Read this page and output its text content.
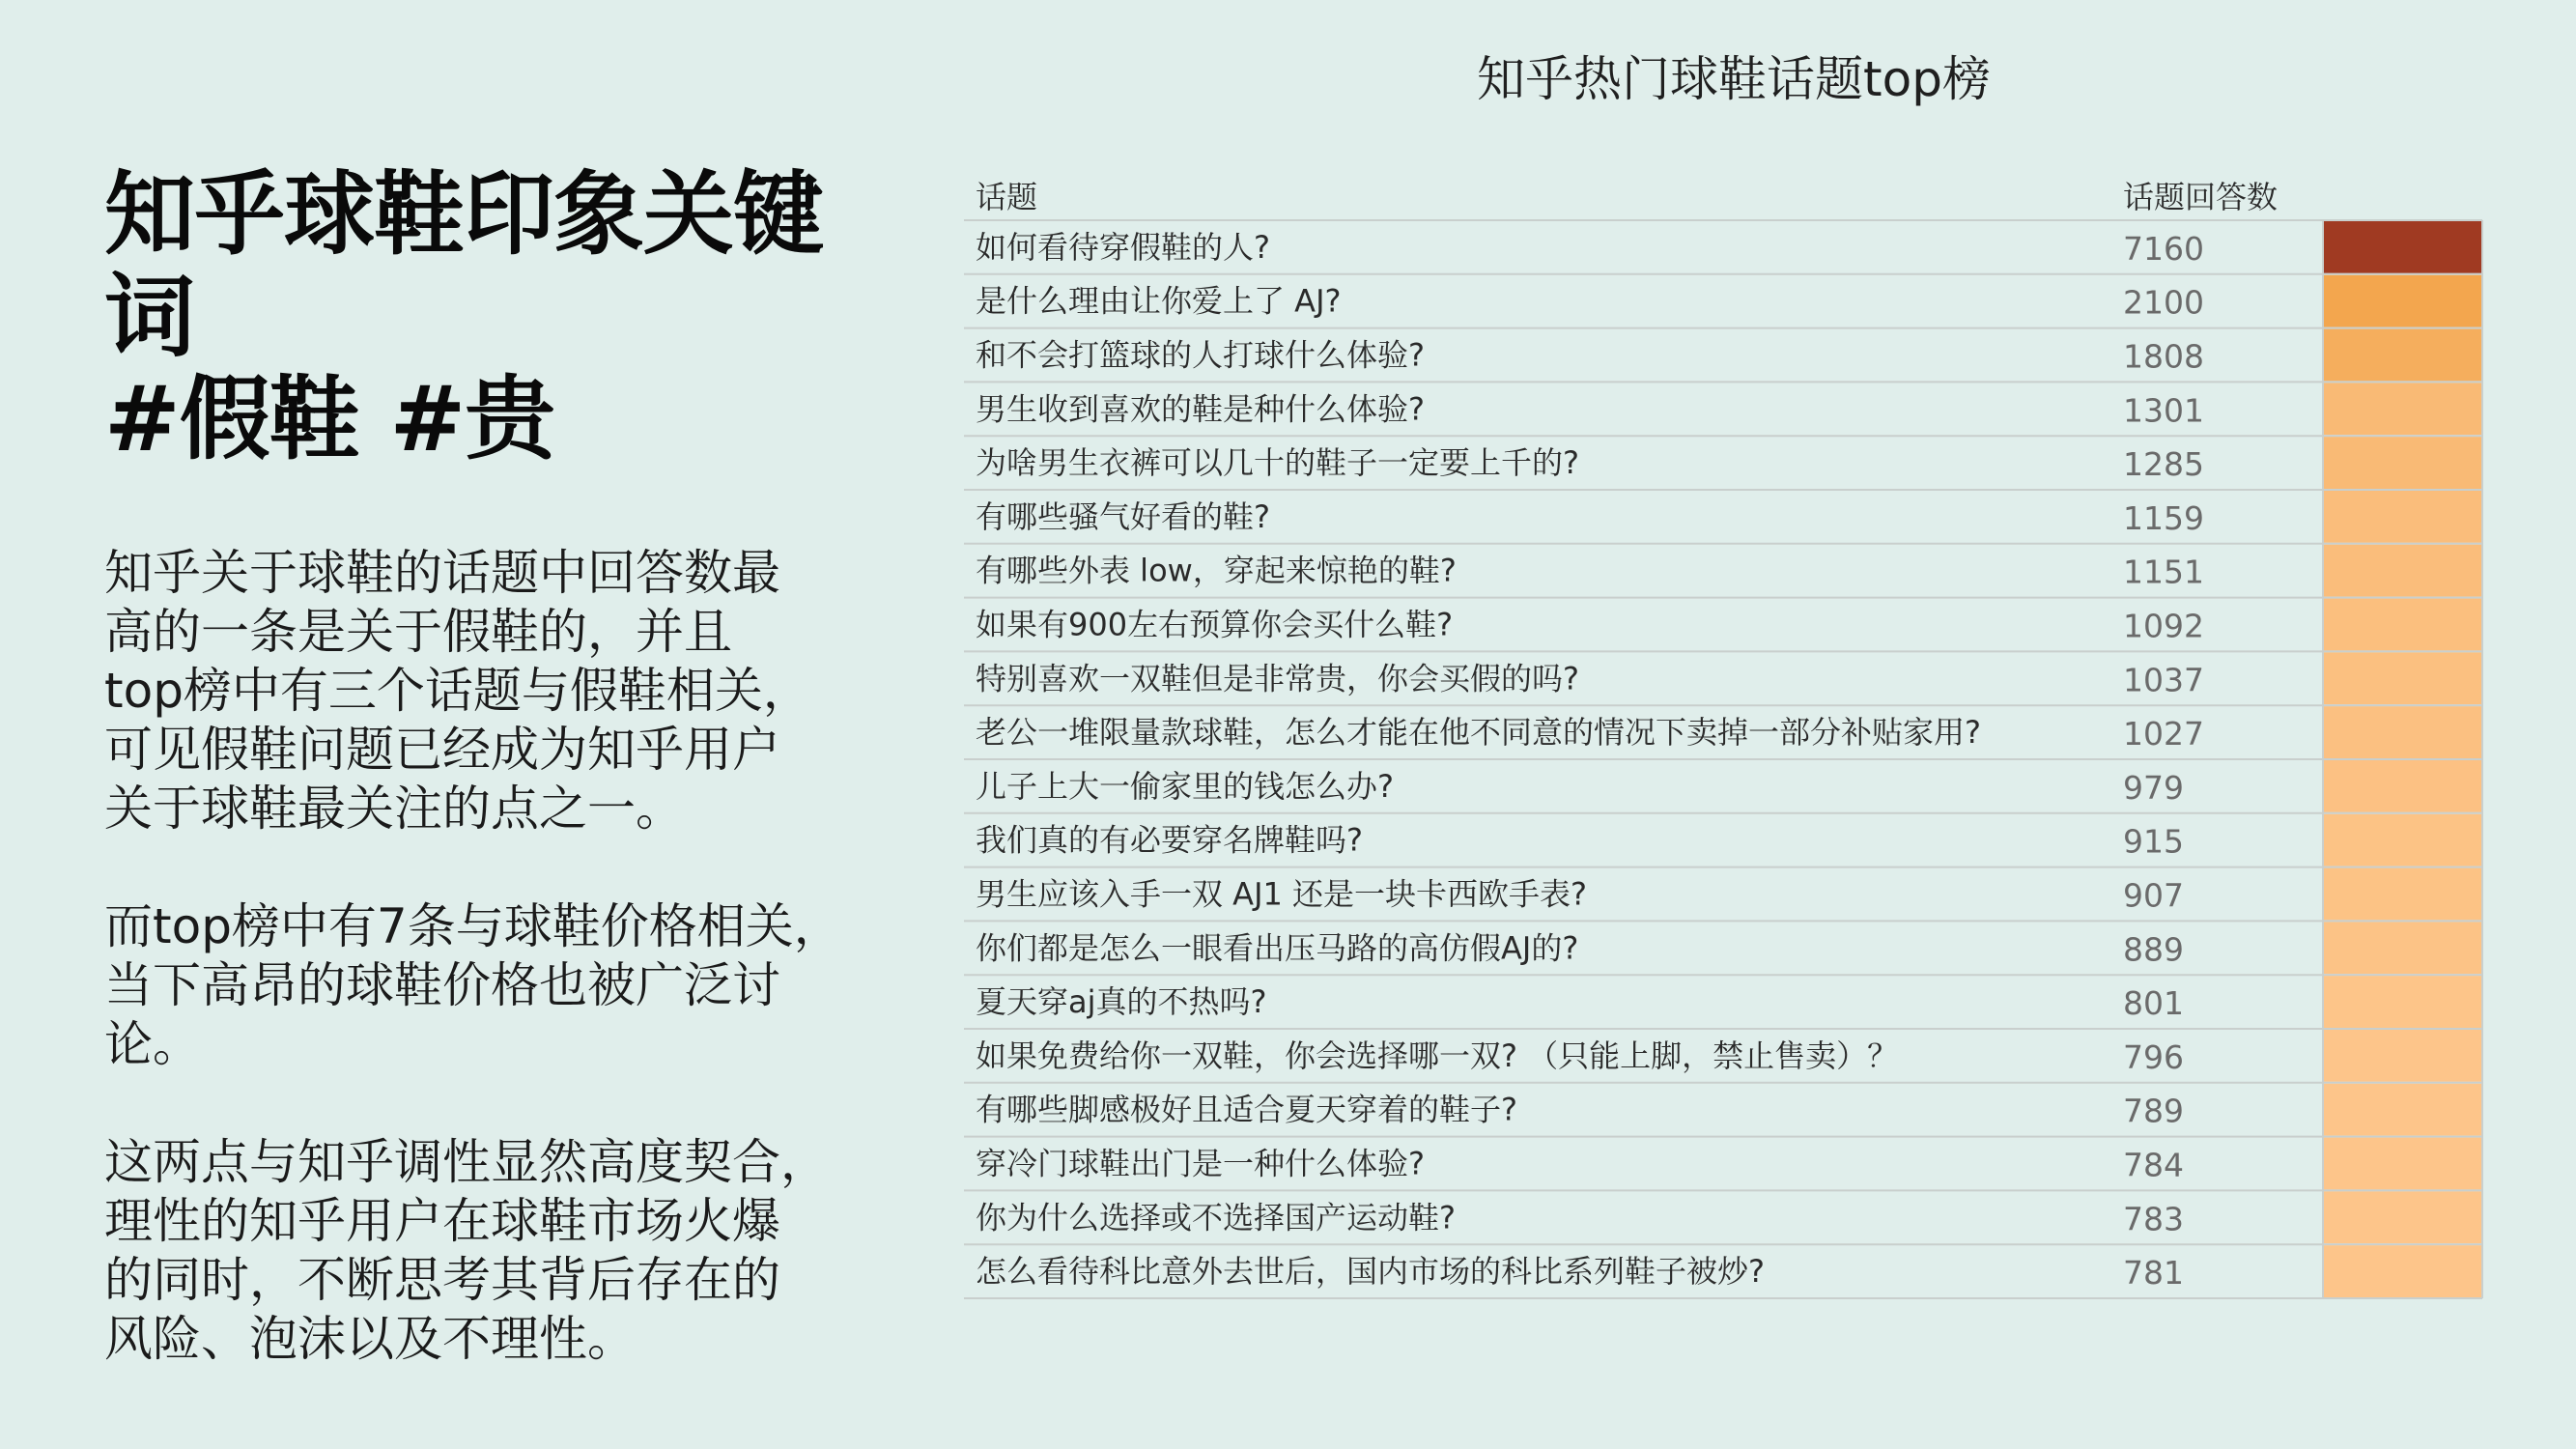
知乎球鞋印象关键词
#假鞋 #贵

知乎关于球鞋的话题中回答数最
高的一条是关于假鞋的，并且
top榜中有三个话题与假鞋相关，
可见假鞋问题已经成为知乎用户
关于球鞋最关注的点之一。

而top榜中有7条与球鞋价格相关，
当下高昂的球鞋价格也被广泛讨
论。

这两点与知乎调性显然高度契合，
理性的知乎用户在球鞋市场火爆
的同时，不断思考其背后存在的
风险、泡沫以及不理性。

知乎热门球鞋话题top榜
话题	话题回答数
如何看待穿假鞋的人?	7160
是什么理由让你爱上了 AJ?	2100
和不会打篮球的人打球什么体验?	1808
男生收到喜欢的鞋是种什么体验?	1301
为啥男生衣裤可以几十的鞋子一定要上千的?	1285
有哪些骚气好看的鞋?	1159
有哪些外表 low，穿起来惊艳的鞋?	1151
如果有900左右预算你会买什么鞋?	1092
特别喜欢一双鞋但是非常贵，你会买假的吗?	1037
老公一堆限量款球鞋，怎么才能在他不同意的情况下卖掉一部分补贴家用?	1027
儿子上大一偷家里的钱怎么办?	979
我们真的有必要穿名牌鞋吗?	915
男生应该入手一双 AJ1 还是一块卡西欧手表?	907
你们都是怎么一眼看出压马路的高仿假AJ的?	889
夏天穿aj真的不热吗?	801
如果免费给你一双鞋，你会选择哪一双? （只能上脚，禁止售卖）？	796
有哪些脚感极好且适合夏天穿着的鞋子?	789
穿冷门球鞋出门是一种什么体验?	784
你为什么选择或不选择国产运动鞋?	783
怎么看待科比意外去世后，国内市场的科比系列鞋子被炒?	781
